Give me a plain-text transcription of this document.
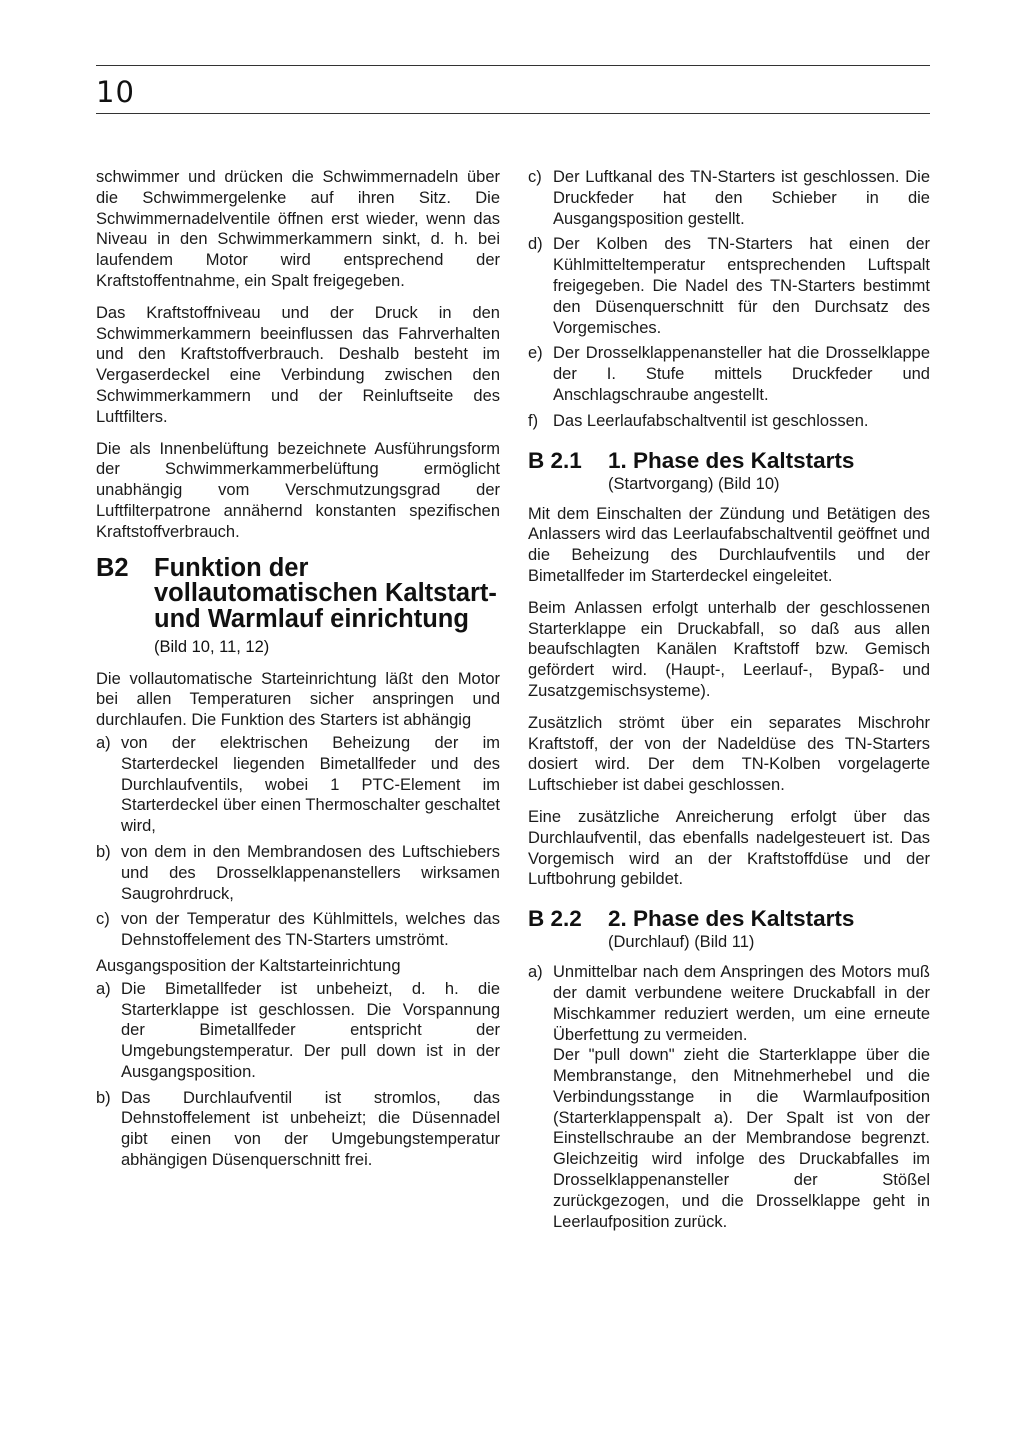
10

schwimmer und drücken die Schwimmernadeln über die Schwimmergelenke auf ihren Sitz. Die Schwimmernadelventile öffnen erst wieder, wenn das Niveau in den Schwimmerkammern sinkt, d. h. bei laufendem Motor wird entsprechend der Kraftstoffentnahme, ein Spalt freigegeben.

Das Kraftstoffniveau und der Druck in den Schwimmerkammern beeinflussen das Fahrverhalten und den Kraftstoffverbrauch. Deshalb besteht im Vergaserdeckel eine Verbindung zwischen den Schwimmerkammern und der Reinluftseite des Luftfilters.

Die als Innenbelüftung bezeichnete Ausführungsform der Schwimmerkammerbelüftung ermöglicht unabhängig vom Verschmutzungsgrad der Luftfilterpatrone annähernd konstanten spezifischen Kraftstoffverbrauch.

B2 Funktion der vollautomatischen Kaltstart- und Warmlauf einrichtung (Bild 10, 11, 12)

Die vollautomatische Starteinrichtung läßt den Motor bei allen Temperaturen sicher anspringen und durchlaufen. Die Funktion des Starters ist abhängig

a) von der elektrischen Beheizung der im Starterdeckel liegenden Bimetallfeder und des Durchlaufventils, wobei 1 PTC-Element im Starterdeckel über einen Thermoschalter geschaltet wird,
b) von dem in den Membrandosen des Luftschiebers und des Drosselklappenanstellers wirksamen Saugrohrdruck,
c) von der Temperatur des Kühlmittels, welches das Dehnstoffelement des TN-Starters umströmt.

Ausgangsposition der Kaltstarteinrichtung

a) Die Bimetallfeder ist unbeheizt, d. h. die Starterklappe ist geschlossen. Die Vorspannung der Bimetallfeder entspricht der Umgebungstemperatur. Der pull down ist in der Ausgangsposition.
b) Das Durchlaufventil ist stromlos, das Dehnstoffelement ist unbeheizt; die Düsennadel gibt einen von der Umgebungstemperatur abhängigen Düsenquerschnitt frei.
c) Der Luftkanal des TN-Starters ist geschlossen. Die Druckfeder hat den Schieber in die Ausgangsposition gestellt.
d) Der Kolben des TN-Starters hat einen der Kühlmitteltemperatur entsprechenden Luftspalt freigegeben. Die Nadel des TN-Starters bestimmt den Düsenquerschnitt für den Durchsatz des Vorgemisches.
e) Der Drosselklappenansteller hat die Drosselklappe der I. Stufe mittels Druckfeder und Anschlagschraube angestellt.
f) Das Leerlaufabschaltventil ist geschlossen.
B 2.1	1. Phase des Kaltstarts
(Startvorgang) (Bild 10)

Mit dem Einschalten der Zündung und Betätigen des Anlassers wird das Leerlaufabschaltventil geöffnet und die Beheizung des Durchlaufventils und der Bimetallfeder im Starterdeckel eingeleitet.

Beim Anlassen erfolgt unterhalb der geschlossenen Starterklappe ein Druckabfall, so daß aus allen beaufschlagten Kanälen Kraftstoff bzw. Gemisch gefördert wird. (Haupt-, Leerlauf-, Bypaß- und Zusatzgemischsysteme).

Zusätzlich strömt über ein separates Mischrohr Kraftstoff, der von der Nadeldüse des TN-Starters dosiert wird. Der dem TN-Kolben vorgelagerte Luftschieber ist dabei geschlossen.

Eine zusätzliche Anreicherung erfolgt über das Durchlaufventil, das ebenfalls nadelgesteuert ist. Das Vorgemisch wird an der Kraftstoffdüse und der Luftbohrung gebildet.

B 2.2	2. Phase des Kaltstarts
(Durchlauf) (Bild 11)
a) Unmittelbar nach dem Anspringen des Motors muß der damit verbundene weitere Druckabfall in der Mischkammer reduziert werden, um eine erneute Überfettung zu vermeiden.
Der "pull down" zieht die Starterklappe über die Membranstange, den Mitnehmerhebel und die Verbindungsstange in die Warmlaufposition (Starterklappenspalt a). Der Spalt ist von der Einstellschraube an der Membrandose begrenzt. Gleichzeitig wird infolge des Druckabfalles im Drosselklappenansteller der Stößel zurückgezogen, und die Drosselklappe geht in Leerlaufposition zurück.
